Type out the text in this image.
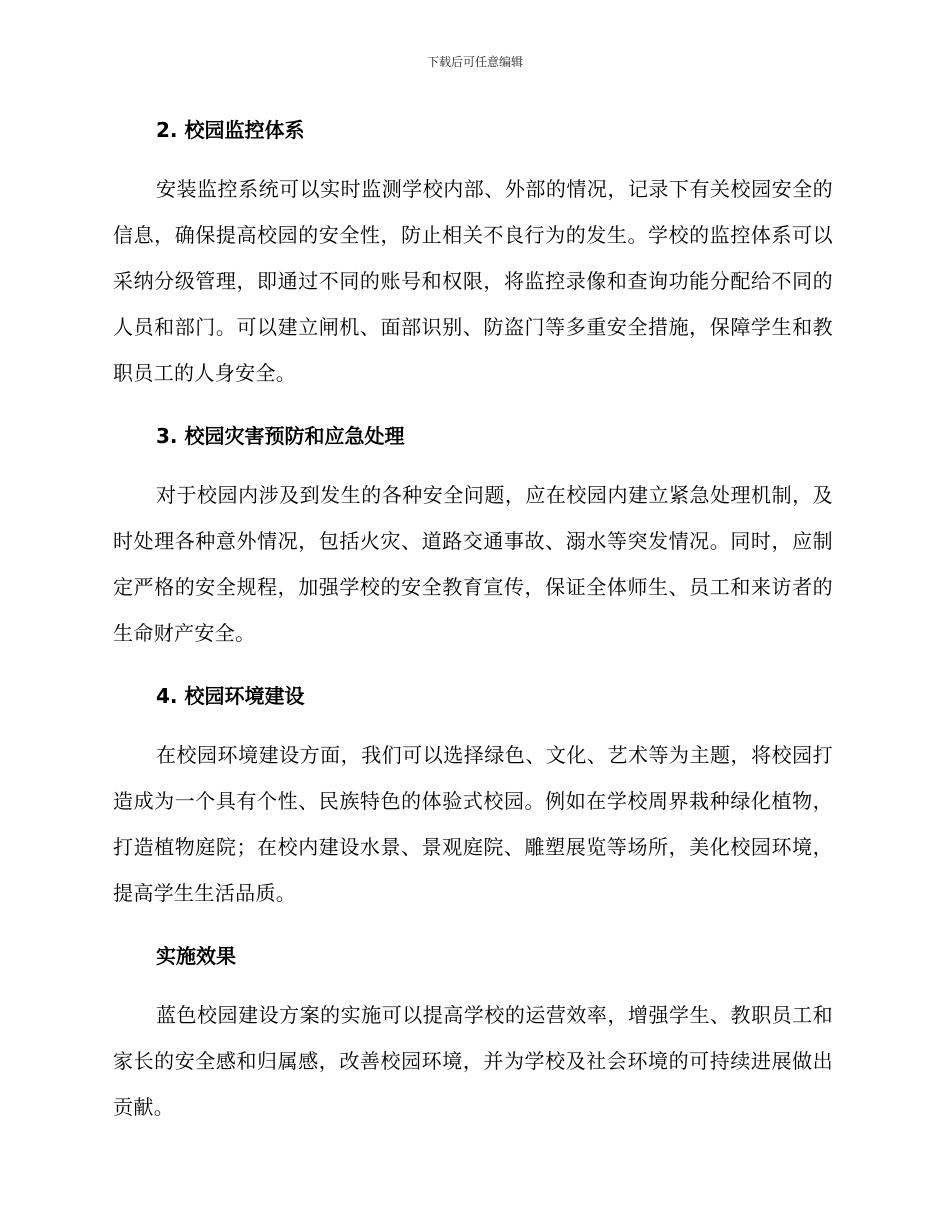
下载后可任意编辑
2. 校园监控体系

安装监控系统可以实时监测学校内部、外部的情况，记录下有关校园安全的信息，确保提高校园的安全性，防止相关不良行为的发生。学校的监控体系可以采纳分级管理，即通过不同的账号和权限，将监控录像和查询功能分配给不同的人员和部门。可以建立闸机、面部识别、防盗门等多重安全措施，保障学生和教职员工的人身安全。

3. 校园灾害预防和应急处理

对于校园内涉及到发生的各种安全问题，应在校园内建立紧急处理机制，及时处理各种意外情况，包括火灾、道路交通事故、溺水等突发情况。同时，应制定严格的安全规程，加强学校的安全教育宣传，保证全体师生、员工和来访者的生命财产安全。

4. 校园环境建设

在校园环境建设方面，我们可以选择绿色、文化、艺术等为主题，将校园打造成为一个具有个性、民族特色的体验式校园。例如在学校周界栽种绿化植物，打造植物庭院；在校内建设水景、景观庭院、雕塑展览等场所，美化校园环境，提高学生生活品质。

实施效果

蓝色校园建设方案的实施可以提高学校的运营效率，增强学生、教职员工和家长的安全感和归属感，改善校园环境，并为学校及社会环境的可持续进展做出贡献。
